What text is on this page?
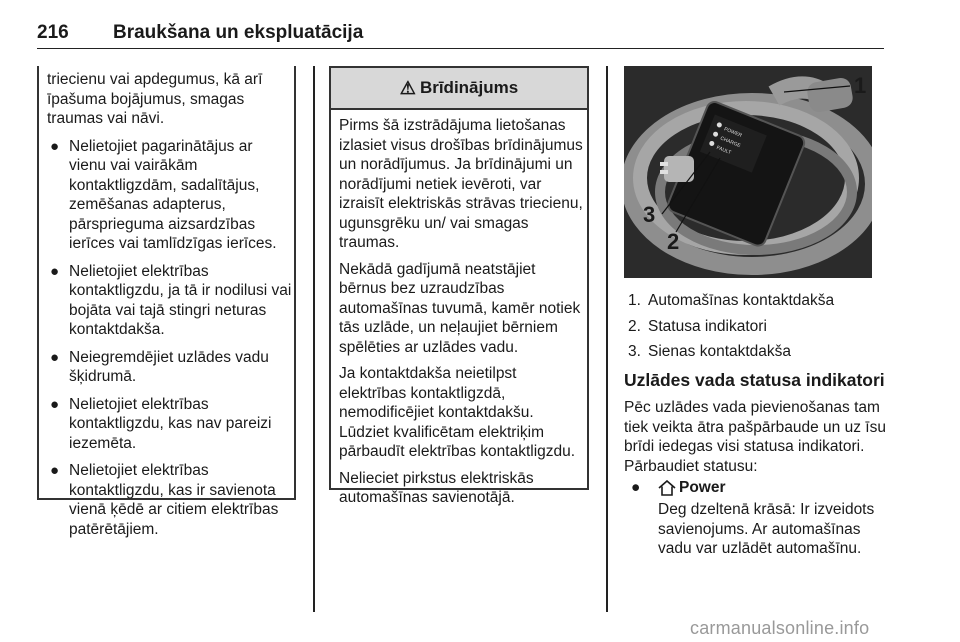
216 Braukšana un ekspluatācija
triecienu vai apdegumus, kā arī īpašuma bojājumus, smagas traumas vai nāvi.
● Nelietojiet pagarinātājus ar vienu vai vairākām kontaktligzdām, sadalītājus, zemēšanas adapterus, pārsprieguma aizsardzības ierīces vai tamlīdzīgas ierīces.
● Nelietojiet elektrības kontaktligzdu, ja tā ir nodilusi vai bojāta vai tajā stingri neturas kontaktdakša.
● Neiegremdējiet uzlādes vadu šķidrumā.
● Nelietojiet elektrības kontaktligzdu, kas nav pareizi iezemēta.
● Nelietojiet elektrības kontaktligzdu, kas ir savienota vienā ķēdē ar citiem elektrības patērētājiem.
⚠ Brīdinājums

Pirms šā izstrādājuma lietošanas izlasiet visus drošības brīdinājumus un norādījumus. Ja brīdinājumi un norādījumi netiek ievēroti, var izraisīt elektriskās strāvas triecienu, ugunsgrēku un/ vai smagas traumas.

Nekādā gadījumā neatstājiet bērnus bez uzraudzības automašīnas tuvumā, kamēr notiek tās uzlāde, un neļaujiet bērniem spēlēties ar uzlādes vadu.

Ja kontaktdakša neietilpst elektrības kontaktligzdā, nemodificējiet kontaktdakšu. Lūdziet kvalificētam elektriķim pārbaudīt elektrības kontaktligzdu.

Nelieciet pirkstus elektriskās automašīnas savienotājā.

POWER
CHARGE
FAULT
1
2
3
1. Automašīnas kontaktdakša
2. Statusa indikatori
3. Sienas kontaktdakša
Uzlādes vada statusa indikatori
Pēc uzlādes vada pievienošanas tam tiek veikta ātra pašpārbaude un uz īsu brīdi iedegas visi statusa indikatori. Pārbaudiet statusu:
● Power
Deg dzeltenā krāsā: Ir izveidots savienojums. Ar automašīnas vadu var uzlādēt automašīnu.
carmanualsonline.info
